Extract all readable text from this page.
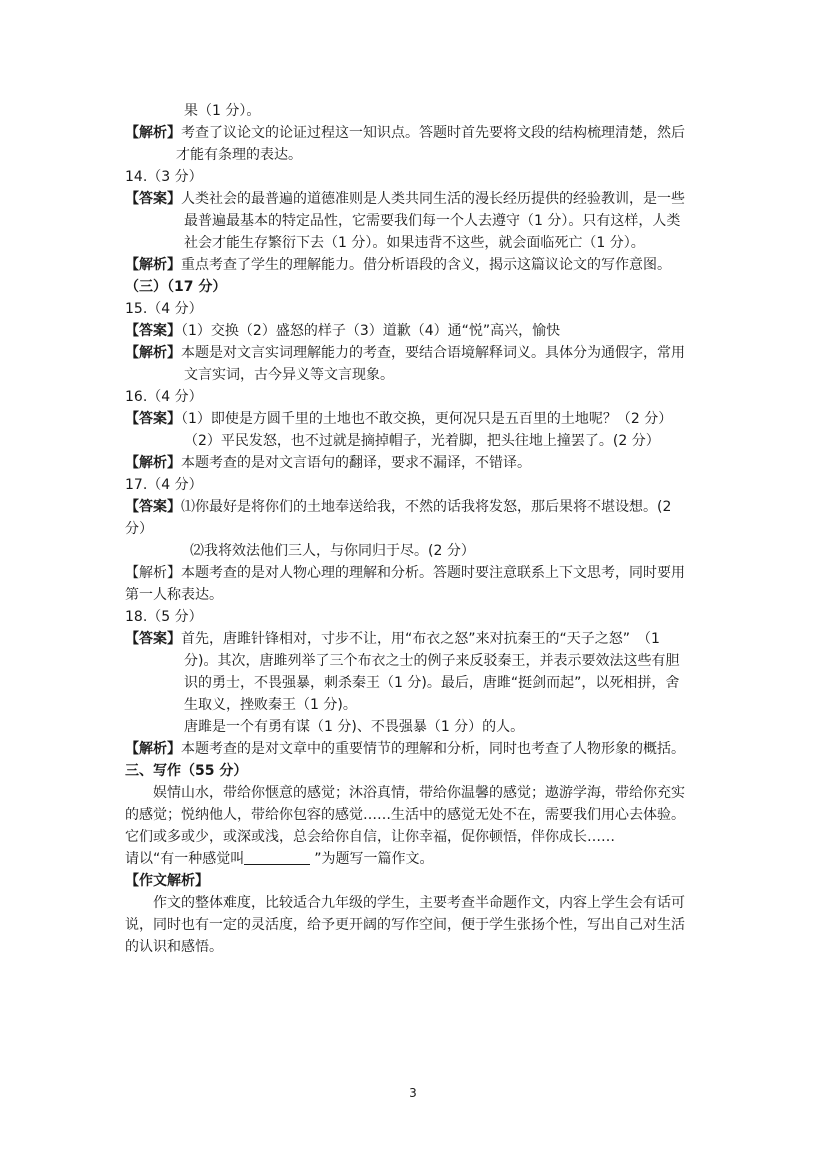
果（1 分）。
【解析】考查了议论文的论证过程这一知识点。答题时首先要将文段的结构梳理清楚，然后
才能有条理的表达。
14.（3 分）
【答案】人类社会的最普遍的道德准则是人类共同生活的漫长经历提供的经验教训，是一些
最普遍最基本的特定品性，它需要我们每一个人去遵守（1 分）。只有这样，人类
社会才能生存繁衍下去（1 分）。如果违背不这些，就会面临死亡（1 分）。
【解析】重点考查了学生的理解能力。借分析语段的含义，揭示这篇议论文的写作意图。
（三）（17 分）
15.（4 分）
【答案】（1）交换（2）盛怒的样子（3）道歉（4）通“悦”高兴，愉快
【解析】本题是对文言实词理解能力的考查，要结合语境解释词义。具体分为通假字，常用
文言实词，古今异义等文言现象。
16.（4 分）
【答案】（1）即使是方圆千里的土地也不敢交换，更何况只是五百里的土地呢？（2 分）
（2）平民发怒，也不过就是摘掉帽子，光着脚，把头往地上撞罢了。(2 分）
【解析】本题考查的是对文言语句的翻译，要求不漏译，不错译。
17.（4 分）
【答案】⑴你最好是将你们的土地奉送给我，不然的话我将发怒，那后果将不堪设想。(2
分）
⑵我将效法他们三人，与你同归于尽。(2 分）
【解析】本题考查的是对人物心理的理解和分析。答题时要注意联系上下文思考，同时要用
第一人称表达。
18.（5 分）
【答案】首先，唐雎针锋相对，寸步不让，用“布衣之怒”来对抗秦王的“天子之怒”　（1
分)。其次，唐雎列举了三个布衣之士的例子来反驳秦王，并表示要效法这些有胆
识的勇士，不畏强暴，刺杀秦王（1 分)。最后，唐雎“挺剑而起”，以死相拼，舍
生取义，挫败秦王（1 分)。
唐雎是一个有勇有谋（1 分)、不畏强暴（1 分）的人。
【解析】本题考查的是对文章中的重要情节的理解和分析，同时也考查了人物形象的概括。
三、写作（55 分）
娱情山水，带给你惬意的感觉；沐浴真情，带给你温馨的感觉；遨游学海，带给你充实
的感觉；悦纳他人，带给你包容的感觉……生活中的感觉无处不在，需要我们用心去体验。
它们或多或少，或深或浅，总会给你自信，让你幸福，促你顿悟，伴你成长……
请以“有一种感觉叫	”为题写一篇作文。
【作文解析】
作文的整体难度，比较适合九年级的学生，主要考查半命题作文，内容上学生会有话可
说，同时也有一定的灵活度，给予更开阔的写作空间，便于学生张扬个性，写出自己对生活
的认识和感悟。
3
